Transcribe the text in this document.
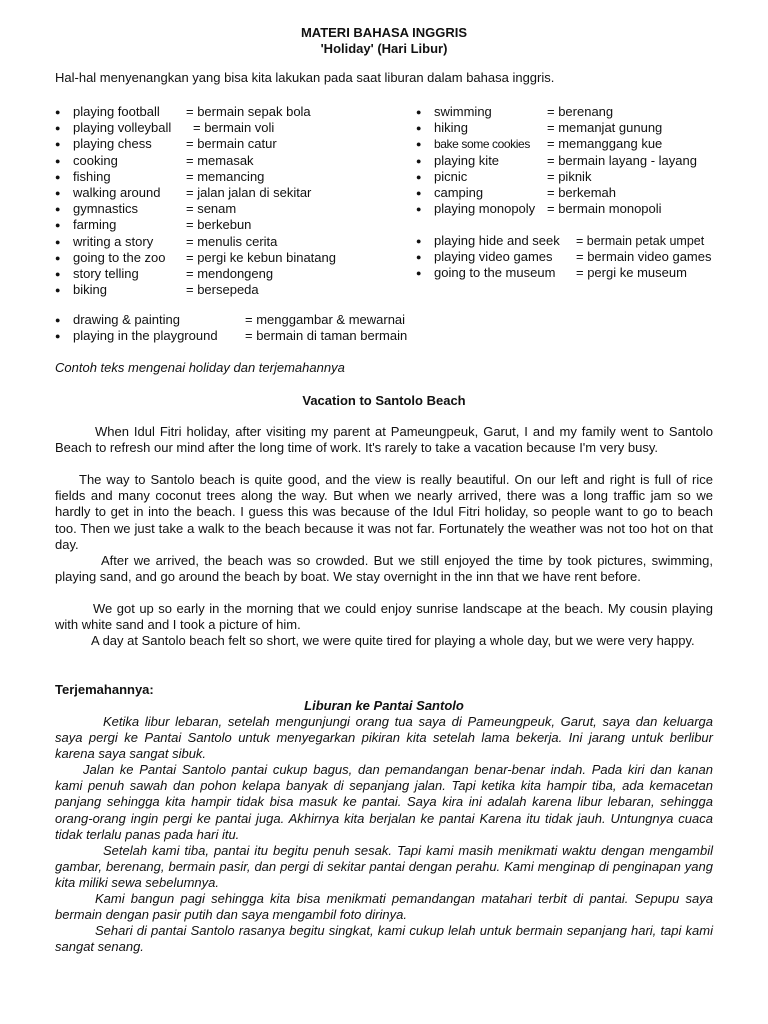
MATERI BAHASA INGGRIS
'Holiday' (Hari Libur)
Hal-hal menyenangkan yang bisa kita lakukan pada saat liburan dalam bahasa inggris.
● playing football = bermain sepak bola
● playing volleyball = bermain voli
● playing chess	= bermain catur
● cooking	= memasak
● fishing	= memancing
● walking around = jalan jalan di sekitar
● gymnastics	= senam
● farming	= berkebun
● writing a story	= menulis cerita
● going to the zoo = pergi ke kebun binatang
● story telling	= mendongeng
● biking	= bersepeda
● drawing & painting	= menggambar & mewarnai
● playing in the playground = bermain di taman bermain
● swimming	= berenang
● hiking	= memanjat gunung
● bake some cookies = memanggang kue
● playing kite	= bermain layang - layang
● picnic	= piknik
● camping	= berkemah
● playing monopoly = bermain monopoli
● playing hide and seek = bermain petak umpet
● playing video games = bermain video games
● going to the museum = pergi ke museum
Contoh teks mengenai holiday dan terjemahannya
Vacation to Santolo Beach

When Idul Fitri holiday, after visiting my parent at Pameungpeuk, Garut, I and my family went to Santolo Beach to refresh our mind after the long time of work. It's rarely to take a vacation because I'm very busy.

The way to Santolo beach is quite good, and the view is really beautiful. On our left and right is full of rice fields and many coconut trees along the way. But when we nearly arrived, there was a long traffic jam so we hardly to get in into the beach. I guess this was because of the Idul Fitri holiday, so people want to go to beach too. Then we just take a walk to the beach because it was not far. Fortunately the weather was not too hot on that day.

After we arrived, the beach was so crowded. But we still enjoyed the time by took pictures, swimming, playing sand, and go around the beach by boat. We stay overnight in the inn that we have rent before.

We got up so early in the morning that we could enjoy sunrise landscape at the beach. My cousin playing with white sand and I took a picture of him.

A day at Santolo beach felt so short, we were quite tired for playing a whole day, but we were very happy.

Terjemahannya:
Liburan ke Pantai Santolo

Ketika libur lebaran, setelah mengunjungi orang tua saya di Pameungpeuk, Garut, saya dan keluarga saya pergi ke Pantai Santolo untuk menyegarkan pikiran kita setelah lama bekerja. Ini jarang untuk berlibur karena saya sangat sibuk.

Jalan ke Pantai Santolo pantai cukup bagus, dan pemandangan benar-benar indah. Pada kiri dan kanan kami penuh sawah dan pohon kelapa banyak di sepanjang jalan. Tapi ketika kita hampir tiba, ada kemacetan panjang sehingga kita hampir tidak bisa masuk ke pantai. Saya kira ini adalah karena libur lebaran, sehingga orang-orang ingin pergi ke pantai juga. Akhirnya kita berjalan ke pantai Karena itu tidak jauh. Untungnya cuaca tidak terlalu panas pada hari itu.

Setelah kami tiba, pantai itu begitu penuh sesak. Tapi kami masih menikmati waktu dengan mengambil gambar, berenang, bermain pasir, dan pergi di sekitar pantai dengan perahu. Kami menginap di penginapan yang kita miliki sewa sebelumnya.

Kami bangun pagi sehingga kita bisa menikmati pemandangan matahari terbit di pantai. Sepupu saya bermain dengan pasir putih dan saya mengambil foto dirinya.

Sehari di pantai Santolo rasanya begitu singkat, kami cukup lelah untuk bermain sepanjang hari, tapi kami sangat senang.
